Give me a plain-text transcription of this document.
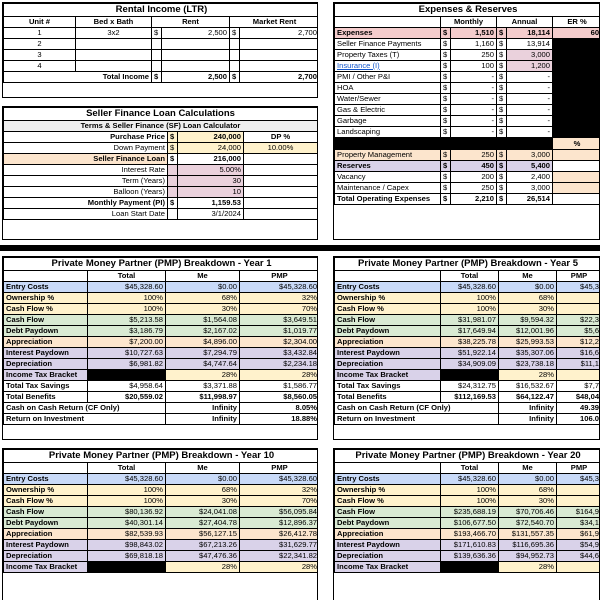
Rental Income (LTR)					
Unit #	Bed x Bath	Rent		Market Rent	
1	3x2	$	2,500	$	2,700
2					
3					
4					
Total Income		$	2,500	$	2,700
Seller Finance Loan Calculations			
Terms & Seller Finance (SF) Loan Calculator			
Purchase Price	$	240,000	DP %
Down Payment	$	24,000	10.00%
Seller Finance Loan	$	216,000	
Interest Rate		5.00%	
Term (Years)		30	
Balloon (Years)		10	
Monthly Payment (PI)	$	1,159.53	
Loan Start Date		3/1/2024	
Expenses & Reserves					
	Monthly		Annual		ER %
Expenses	$	1,510	$	18,114	60
Seller Finance Payments	$	1,160	$	13,914	
Property Taxes (T)	$	250	$	3,000	
Insurance (I)	$	100	$	1,200	
PMI / Other P&I	$	-	$	-	
HOA	$	-	$	-	
Water/Sewer	$	-	$	-	
Gas & Electric	$	-	$	-	
Garbage	$	-	$	-	
Landscaping	$	-	$	-	
					%
Property Management	$	250	$	3,000	
Reserves	$	450	$	5,400	
Vacancy	$	200	$	2,400	
Maintenance / Capex	$	250	$	3,000	
Total Operating Expenses	$	2,210	$	26,514	
Private Money Partner (PMP) Breakdown - Year 1			
	Total	Me	PMP
Entry Costs	$45,328.60	$0.00	$45,328.60
Ownership %	100%	68%	32%
Cash Flow %	100%	30%	70%
Cash Flow	$5,213.58	$1,564.08	$3,649.51
Debt Paydown	$3,186.79	$2,167.02	$1,019.77
Appreciation	$7,200.00	$4,896.00	$2,304.00
Interest Paydown	$10,727.63	$7,294.79	$3,432.84
Depreciation	$6,981.82	$4,747.64	$2,234.18
Income Tax Bracket		28%	28%
Total Tax Savings	$4,958.64	$3,371.88	$1,586.77
Total Benefits	$20,559.02	$11,998.97	$8,560.05
Cash on Cash Return (CF Only)		Infinity	8.05%
Return on Investment		Infinity	18.88%
Private Money Partner (PMP) Breakdown - Year 5			
	Total	Me	PMP
Entry Costs	$45,328.60	$0.00	$45,3
Ownership %	100%	68%	
Cash Flow %	100%	30%	
Cash Flow	$31,981.07	$9,594.32	$22,3
Debt Paydown	$17,649.94	$12,001.96	$5,6
Appreciation	$38,225.78	$25,993.53	$12,2
Interest Paydown	$51,922.14	$35,307.06	$16,6
Depreciation	$34,909.09	$23,738.18	$11,1
Income Tax Bracket		28%	
Total Tax Savings	$24,312.75	$16,532.67	$7,7
Total Benefits	$112,169.53	$64,122.47	$48,04
Cash on Cash Return (CF Only)		Infinity	49.39
Return on Investment		Infinity	106.0
Private Money Partner (PMP) Breakdown - Year 10			
	Total	Me	PMP
Entry Costs	$45,328.60	$0.00	$45,328.60
Ownership %	100%	68%	32%
Cash Flow %	100%	30%	70%
Cash Flow	$80,136.92	$24,041.08	$56,095.84
Debt Paydown	$40,301.14	$27,404.78	$12,896.37
Appreciation	$82,539.93	$56,127.15	$26,412.78
Interest Paydown	$98,843.02	$67,213.26	$31,629.77
Depreciation	$69,818.18	$47,476.36	$22,341.82
Income Tax Bracket		28%	28%
Private Money Partner (PMP) Breakdown - Year 20			
	Total	Me	PMP
Entry Costs	$45,328.60	$0.00	$45,3
Ownership %	100%	68%	
Cash Flow %	100%	30%	
Cash Flow	$235,688.19	$70,706.46	$164,9
Debt Paydown	$106,677.50	$72,540.70	$34,1
Appreciation	$193,466.70	$131,557.35	$61,9
Interest Paydown	$171,610.83	$116,695.36	$54,9
Depreciation	$139,636.36	$94,952.73	$44,6
Income Tax Bracket		28%	
